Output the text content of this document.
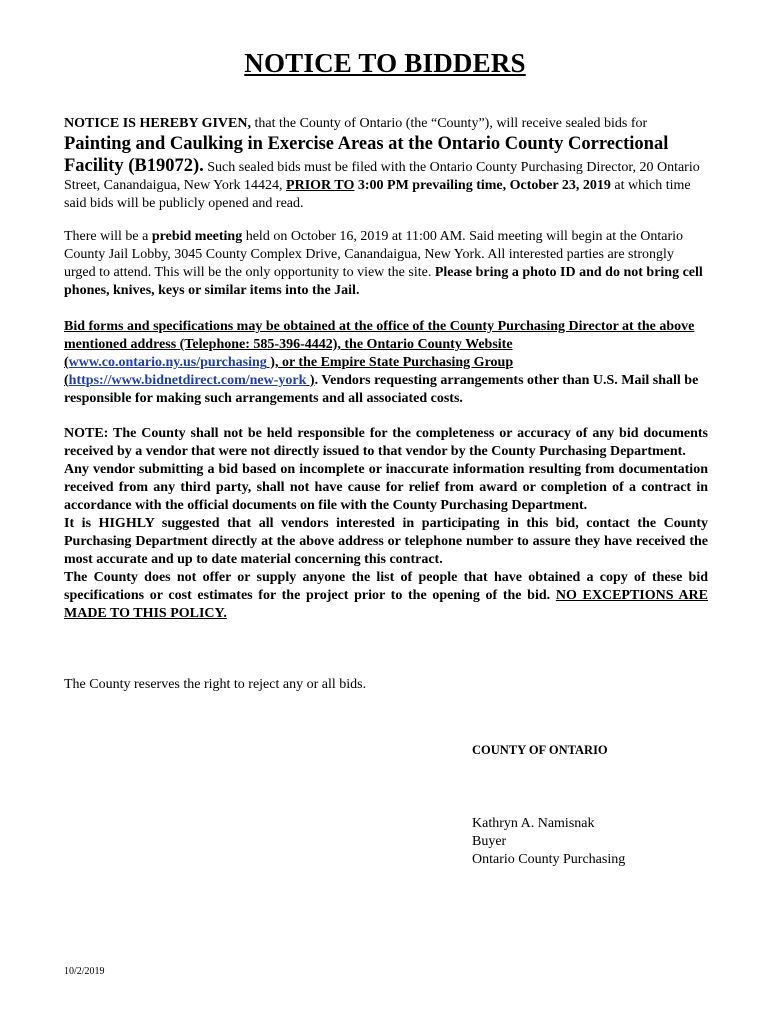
NOTICE TO BIDDERS
NOTICE IS HEREBY GIVEN, that the County of Ontario (the “County”), will receive sealed bids for
Painting and Caulking in Exercise Areas at the Ontario County Correctional Facility (B19072). Such sealed bids must be filed with the Ontario County Purchasing Director, 20 Ontario Street, Canandaigua, New York 14424, PRIOR TO 3:00 PM prevailing time, October 23, 2019 at which time said bids will be publicly opened and read.
There will be a prebid meeting held on October 16, 2019 at 11:00 AM. Said meeting will begin at the Ontario County Jail Lobby, 3045 County Complex Drive, Canandaigua, New York. All interested parties are strongly urged to attend. This will be the only opportunity to view the site. Please bring a photo ID and do not bring cell phones, knives, keys or similar items into the Jail.
Bid forms and specifications may be obtained at the office of the County Purchasing Director at the above mentioned address (Telephone: 585-396-4442), the Ontario County Website (www.co.ontario.ny.us/purchasing ), or the Empire State Purchasing Group (https://www.bidnetdirect.com/new-york ). Vendors requesting arrangements other than U.S. Mail shall be responsible for making such arrangements and all associated costs.
NOTE: The County shall not be held responsible for the completeness or accuracy of any bid documents received by a vendor that were not directly issued to that vendor by the County Purchasing Department.
Any vendor submitting a bid based on incomplete or inaccurate information resulting from documentation received from any third party, shall not have cause for relief from award or completion of a contract in accordance with the official documents on file with the County Purchasing Department.
It is HIGHLY suggested that all vendors interested in participating in this bid, contact the County Purchasing Department directly at the above address or telephone number to assure they have received the most accurate and up to date material concerning this contract.
The County does not offer or supply anyone the list of people that have obtained a copy of these bid specifications or cost estimates for the project prior to the opening of the bid. NO EXCEPTIONS ARE MADE TO THIS POLICY.
The County reserves the right to reject any or all bids.
COUNTY OF ONTARIO
Kathryn A. Namisnak
Buyer
Ontario County Purchasing
10/2/2019
